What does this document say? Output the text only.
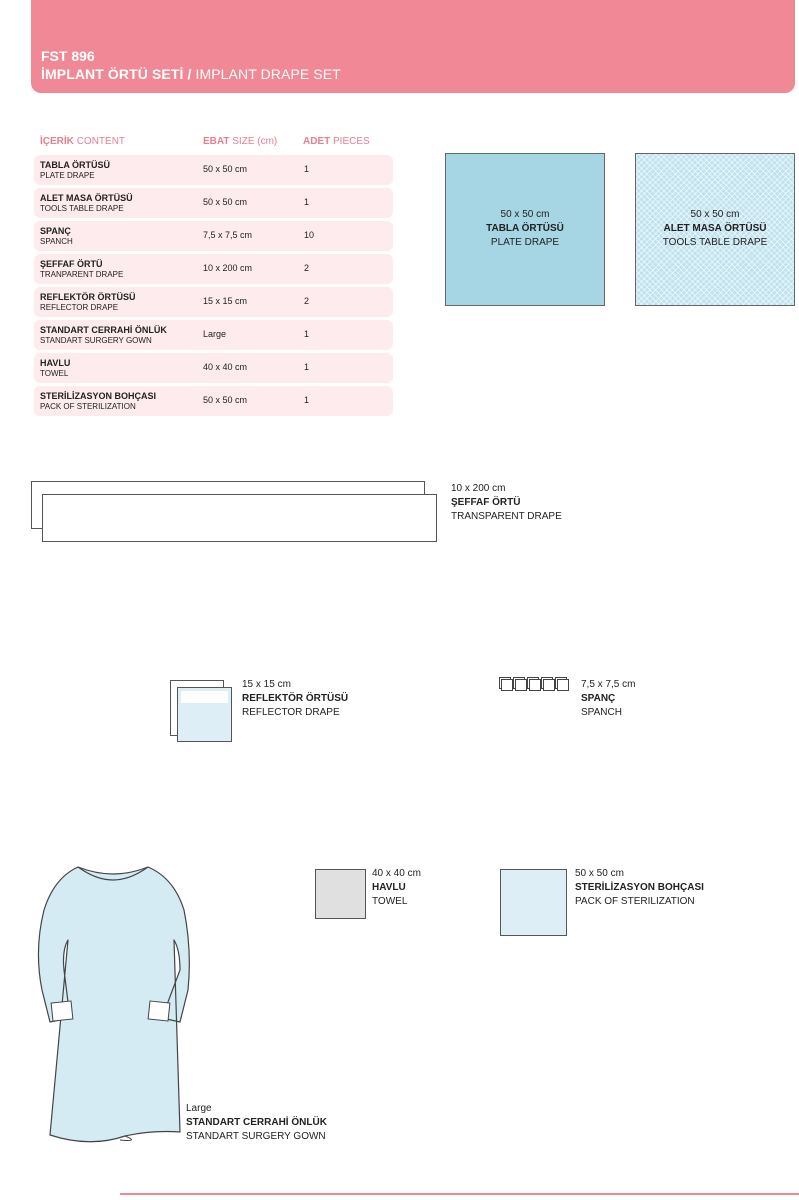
FST 896
İMPLANT ÖRTÜ SETİ / IMPLANT DRAPE SET
İÇERİK CONTENT	EBAT SIZE (cm)	ADET PIECES
TABLA ÖRTÜSÜ
PLATE DRAPE
50 x 50 cm	1
ALET MASA ÖRTÜSÜ
TOOLS TABLE DRAPE
50 x 50 cm	1
SPANÇ
SPANCH
7,5 x 7,5 cm	10
ŞEFFAF ÖRTÜ
TRANPARENT DRAPE
10 x 200 cm	2
REFLEKTÖR ÖRTÜSÜ
REFLECTOR DRAPE
15 x 15 cm	2
STANDART CERRAHİ ÖNLÜK
STANDART SURGERY GOWN
Large	1
HAVLU
TOWEL
40 x 40 cm	1
STERİLİZASYON BOHÇASI
PACK OF STERILIZATION
50 x 50 cm	1
50 x 50 cm
TABLA ÖRTÜSÜ
PLATE DRAPE
50 x 50 cm
ALET MASA ÖRTÜSÜ
TOOLS TABLE DRAPE
10 x 200 cm
ŞEFFAF ÖRTÜ
TRANSPARENT DRAPE
15 x 15 cm
REFLEKTÖR ÖRTÜSÜ
REFLECTOR DRAPE
7,5 x 7,5 cm
SPANÇ
SPANCH
40 x 40 cm
HAVLU
TOWEL
50 x 50 cm
STERİLİZASYON BOHÇASI
PACK OF STERILIZATION
Large
STANDART CERRAHİ ÖNLÜK
STANDART SURGERY GOWN
